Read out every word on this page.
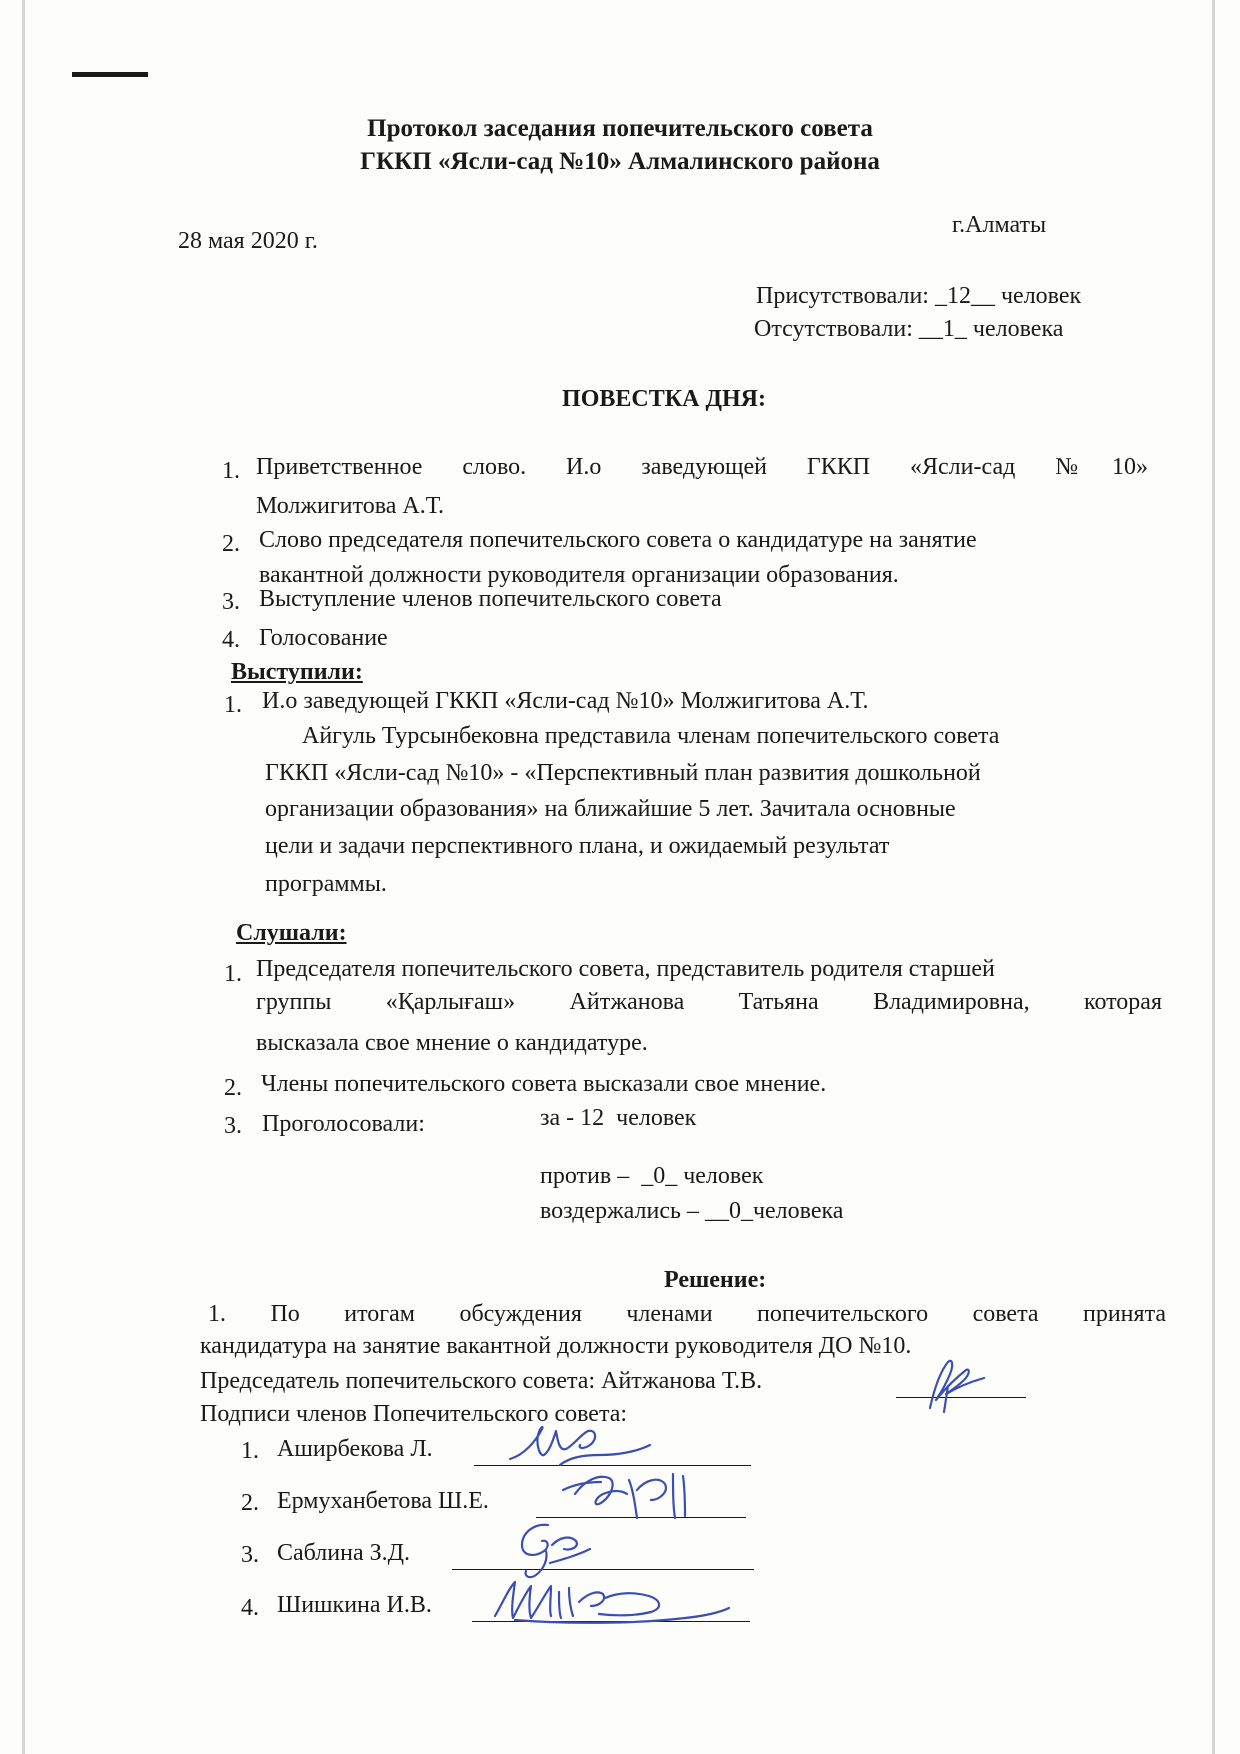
Протокол заседания попечительского совета
ГККП «Ясли-сад №10» Алмалинского района
28 мая 2020 г.
г.Алматы
Присутствовали: _12__ человек
Отсутствовали: __1_ человека
ПОВЕСТКА ДНЯ:
1. Приветственное слово. И.о заведующей ГККП «Ясли-сад №10»
Молжигитова А.Т.
2. Слово председателя попечительского совета о кандидатуре на занятие
вакантной должности руководителя организации образования.
3. Выступление членов попечительского совета
4. Голосование
Выступили:
1. И.о заведующей ГККП «Ясли-сад №10» Молжигитова А.Т.
Айгуль Турсынбековна представила членам попечительского совета
ГККП «Ясли-сад №10» - «Перспективный план развития дошкольной
организации образования» на ближайшие 5 лет. Зачитала основные
цели и задачи перспективного плана, и ожидаемый результат
программы.
Слушали:
1. Председателя попечительского совета, представитель родителя старшей
группы «Қарлығаш» Айтжанова Татьяна Владимировна, которая
высказала свое мнение о кандидатуре.
2. Члены попечительского совета высказали свое мнение.
3. Проголосовали:	за - 12  человек
против –  _0_ человек
воздержались – __0_человека
Решение:
1. По итогам обсуждения членами попечительского совета принята
кандидатура на занятие вакантной должности руководителя ДО №10.
Председатель попечительского совета: Айтжанова Т.В.
Подписи членов Попечительского совета:
1. Аширбекова Л.
2. Ермуханбетова Ш.Е.
3. Саблина З.Д.
4. Шишкина И.В.
